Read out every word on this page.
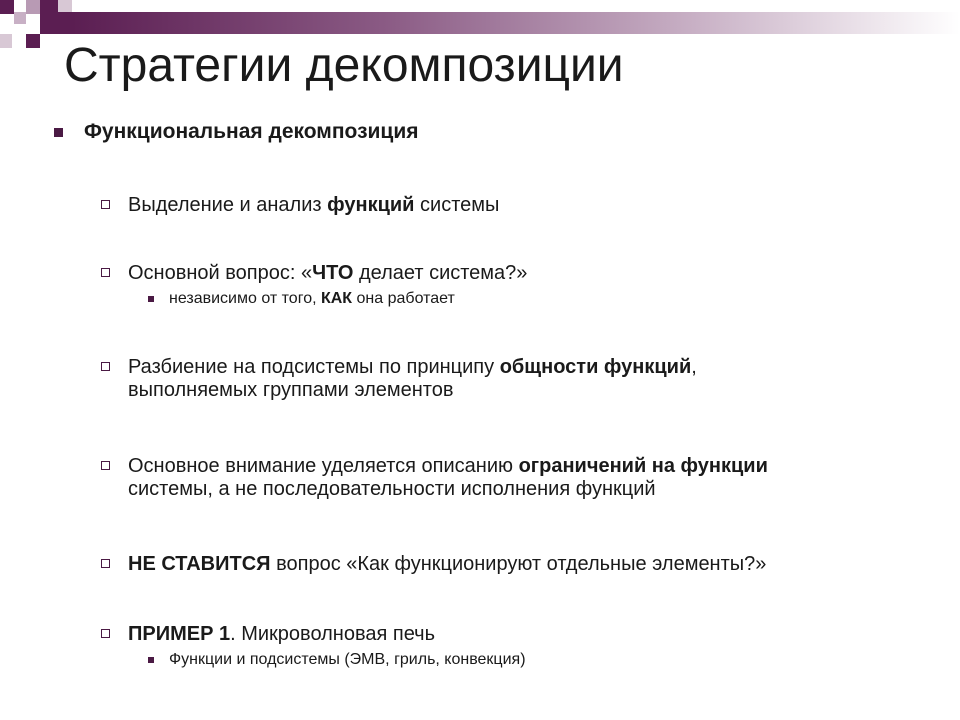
Стратегии декомпозиции
Функциональная декомпозиция
Выделение и анализ функций системы
Основной вопрос: «ЧТО делает система?»
независимо от того, КАК она работает
Разбиение на подсистемы по принципу общности функций,
выполняемых группами элементов
Основное внимание уделяется описанию ограничений на функции
системы, а не последовательности исполнения функций
НЕ СТАВИТСЯ вопрос «Как функционируют отдельные элементы?»
ПРИМЕР 1. Микроволновая печь
Функции и подсистемы (ЭМВ, гриль, конвекция)
